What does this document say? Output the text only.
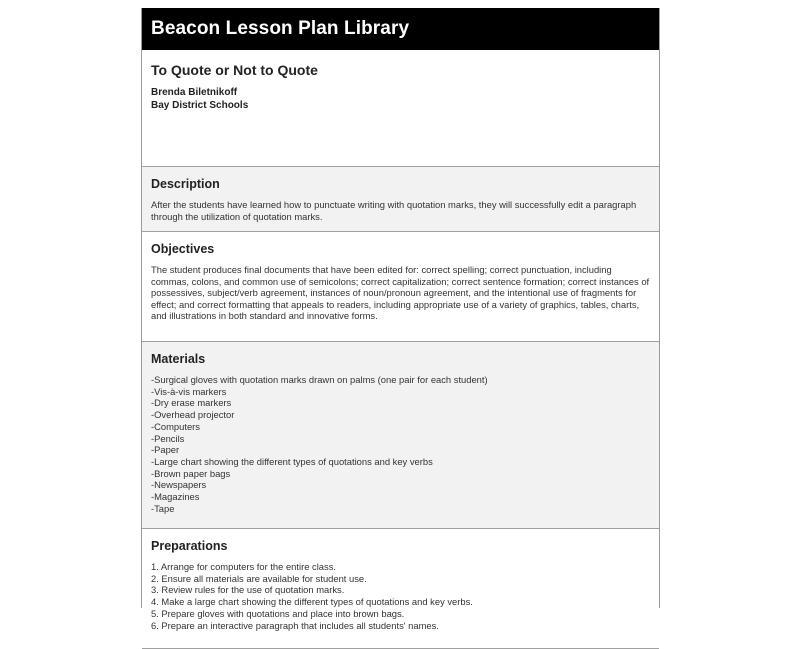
Beacon Lesson Plan Library
To Quote or Not to Quote
Brenda Biletnikoff
Bay District Schools
Description

After the students have learned how to punctuate writing with quotation marks, they will successfully edit a paragraph through the utilization of quotation marks.

Objectives

The student produces final documents that have been edited for: correct spelling; correct punctuation, including commas, colons, and common use of semicolons; correct capitalization; correct sentence formation; correct instances of possessives, subject/verb agreement, instances of noun/pronoun agreement, and the intentional use of fragments for effect; and correct formatting that appeals to readers, including appropriate use of a variety of graphics, tables, charts, and illustrations in both standard and innovative forms.

Materials
-Surgical gloves with quotation marks drawn on palms (one pair for each student)
-Vis-à-vis markers
-Dry erase markers
-Overhead projector
-Computers
-Pencils
-Paper
-Large chart showing the different types of quotations and key verbs
-Brown paper bags
-Newspapers
-Magazines
-Tape
Preparations
1. Arrange for computers for the entire class.
2. Ensure all materials are available for student use.
3. Review rules for the use of quotation marks.
4. Make a large chart showing the different types of quotations and key verbs.
5. Prepare gloves with quotations and place into brown bags.
6. Prepare an interactive paragraph that includes all students' names.
